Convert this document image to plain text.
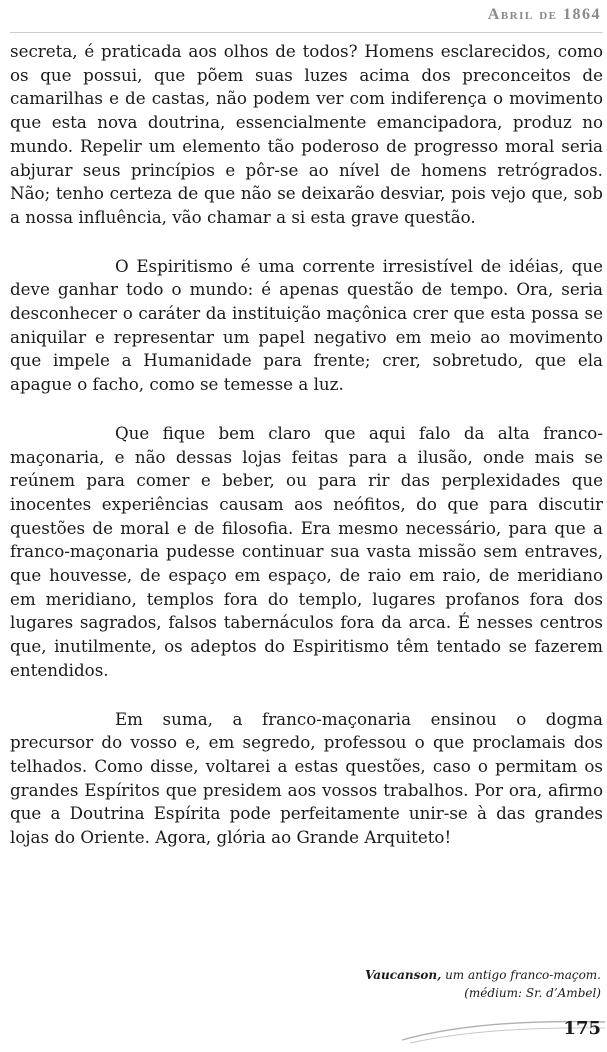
Abril de 1864

secreta, é praticada aos olhos de todos? Homens esclarecidos, como os que possui, que põem suas luzes acima dos preconceitos de camarilhas e de castas, não podem ver com indiferença o movimento que esta nova doutrina, essencialmente emancipadora, produz no mundo. Repelir um elemento tão poderoso de progresso moral seria abjurar seus princípios e pôr-se ao nível de homens retrógrados. Não; tenho certeza de que não se deixarão desviar, pois vejo que, sob a nossa influência, vão chamar a si esta grave questão.

O Espiritismo é uma corrente irresistível de idéias, que deve ganhar todo o mundo: é apenas questão de tempo. Ora, seria desconhecer o caráter da instituição maçônica crer que esta possa se aniquilar e representar um papel negativo em meio ao movimento que impele a Humanidade para frente; crer, sobretudo, que ela apague o facho, como se temesse a luz.

Que fique bem claro que aqui falo da alta franco-maçonaria, e não dessas lojas feitas para a ilusão, onde mais se reúnem para comer e beber, ou para rir das perplexidades que inocentes experiências causam aos neófitos, do que para discutir questões de moral e de filosofia. Era mesmo necessário, para que a franco-maçonaria pudesse continuar sua vasta missão sem entraves, que houvesse, de espaço em espaço, de raio em raio, de meridiano em meridiano, templos fora do templo, lugares profanos fora dos lugares sagrados, falsos tabernáculos fora da arca. É nesses centros que, inutilmente, os adeptos do Espiritismo têm tentado se fazerem entendidos.

Em suma, a franco-maçonaria ensinou o dogma precursor do vosso e, em segredo, professou o que proclamais dos telhados. Como disse, voltarei a estas questões, caso o permitam os grandes Espíritos que presidem aos vossos trabalhos. Por ora, afirmo que a Doutrina Espírita pode perfeitamente unir-se à das grandes lojas do Oriente. Agora, glória ao Grande Arquiteto!

Vaucanson, um antigo franco-maçom.
(médium: Sr. d’Ambel)
175
